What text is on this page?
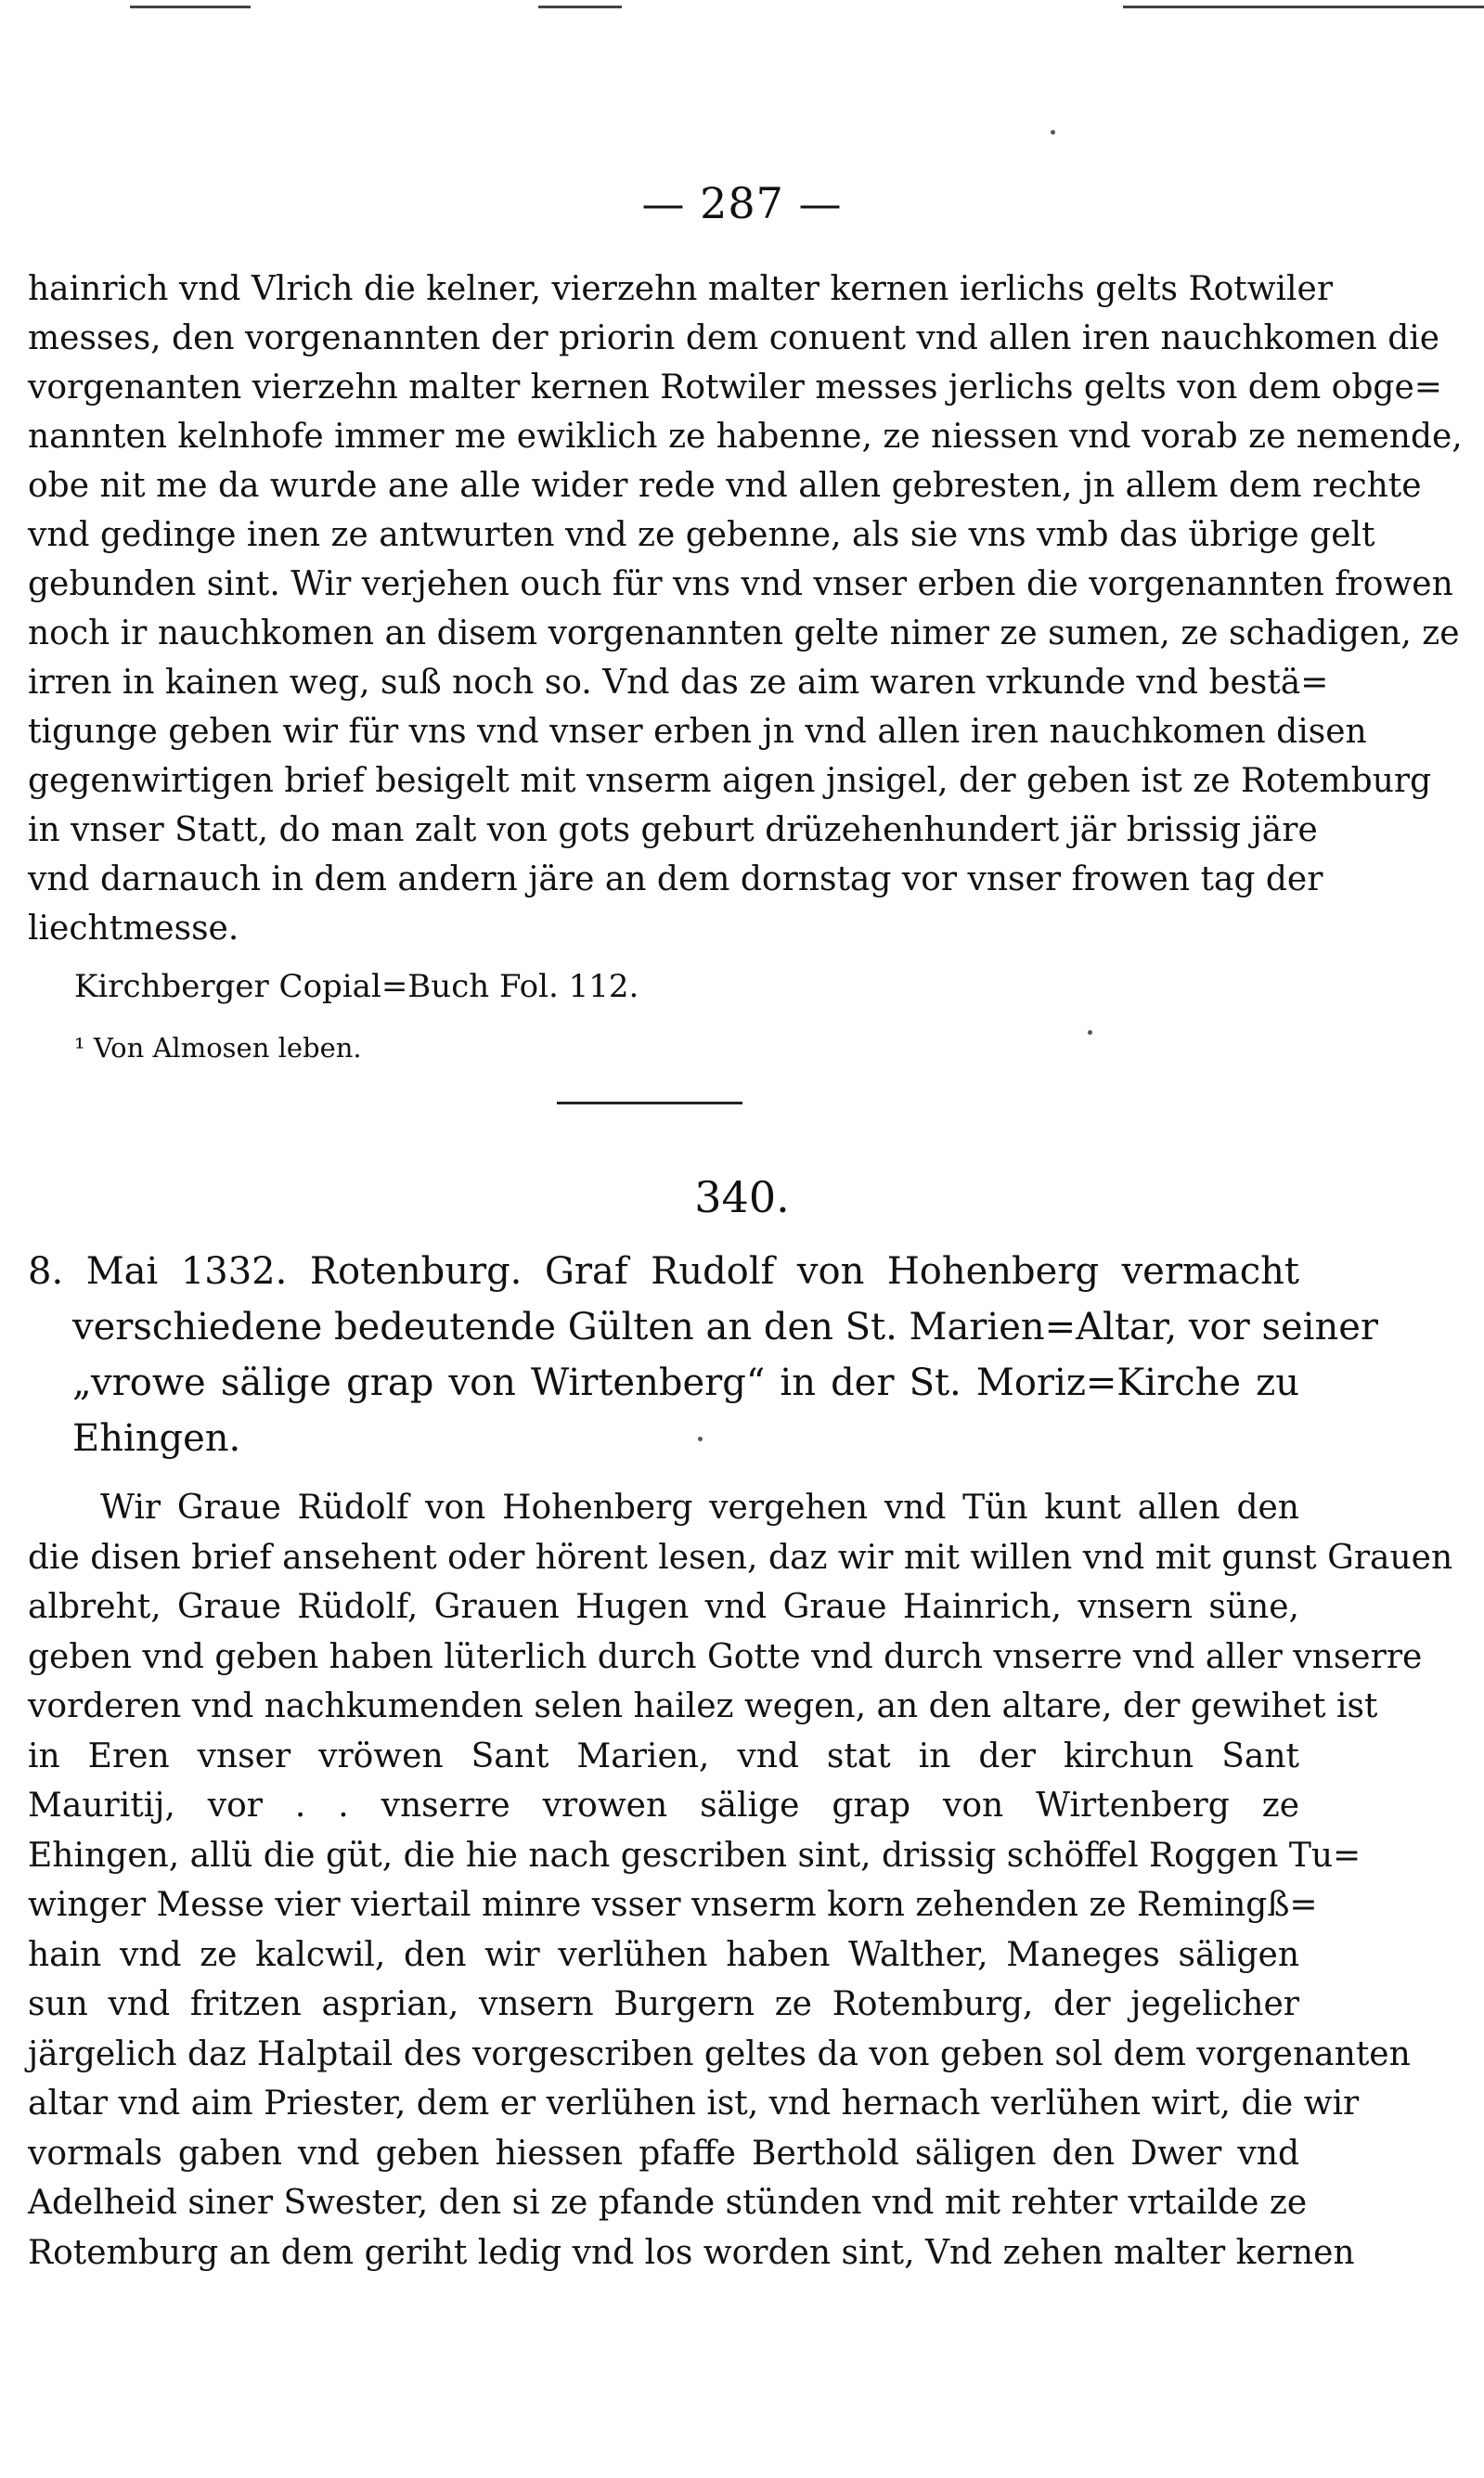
— 287 —
hainrich vnd Vlrich die kelner, vierzehn malter kernen ierlichs gelts Rotwiler
messes, den vorgenannten der priorin dem conuent vnd allen iren nauchkomen die
vorgenanten vierzehn malter kernen Rotwiler messes jerlichs gelts von dem obge=
nannten kelnhofe immer me ewiklich ze habenne, ze niessen vnd vorab ze nemende,
obe nit me da wurde ane alle wider rede vnd allen gebresten, jn allem dem rechte
vnd gedinge inen ze antwurten vnd ze gebenne, als sie vns vmb das übrige gelt
gebunden sint. Wir verjehen ouch für vns vnd vnser erben die vorgenannten frowen
noch ir nauchkomen an disem vorgenannten gelte nimer ze sumen, ze schadigen, ze
irren in kainen weg, suß noch so. Vnd das ze aim waren vrkunde vnd bestä=
tigunge geben wir für vns vnd vnser erben jn vnd allen iren nauchkomen disen
gegenwirtigen brief besigelt mit vnserm aigen jnsigel, der geben ist ze Rotemburg
in vnser Statt, do man zalt von gots geburt drüzehenhundert jär brissig järe
vnd darnauch in dem andern järe an dem dornstag vor vnser frowen tag der
liechtmesse.
Kirchberger Copial=Buch Fol. 112.
¹ Von Almosen leben.
340.
8. Mai 1332. Rotenburg. Graf Rudolf von Hohenberg vermacht
verschiedene bedeutende Gülten an den St. Marien=Altar, vor seiner
„vrowe sälige grap von Wirtenberg“ in der St. Moriz=Kirche zu
Ehingen.
Wir Graue Rüdolf von Hohenberg vergehen vnd Tün kunt allen den
die disen brief ansehent oder hörent lesen, daz wir mit willen vnd mit gunst Grauen
albreht, Graue Rüdolf, Grauen Hugen vnd Graue Hainrich, vnsern süne,
geben vnd geben haben lüterlich durch Gotte vnd durch vnserre vnd aller vnserre
vorderen vnd nachkumenden selen hailez wegen, an den altare, der gewihet ist
in Eren vnser vröwen Sant Marien, vnd stat in der kirchun Sant
Mauritij, vor . . vnserre vrowen sälige grap von Wirtenberg ze
Ehingen, allü die güt, die hie nach gescriben sint, drissig schöffel Roggen Tu=
winger Messe vier viertail minre vsser vnserm korn zehenden ze Remingß=
hain vnd ze kalcwil, den wir verlühen haben Walther, Maneges säligen
sun vnd fritzen asprian, vnsern Burgern ze Rotemburg, der jegelicher
järgelich daz Halptail des vorgescriben geltes da von geben sol dem vorgenanten
altar vnd aim Priester, dem er verlühen ist, vnd hernach verlühen wirt, die wir
vormals gaben vnd geben hiessen pfaffe Berthold säligen den Dwer vnd
Adelheid siner Swester, den si ze pfande stünden vnd mit rehter vrtailde ze
Rotemburg an dem geriht ledig vnd los worden sint, Vnd zehen malter kernen
